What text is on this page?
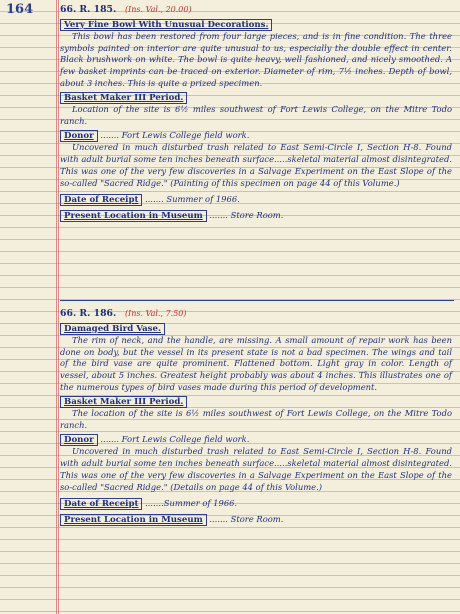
164	66. R. 185. (Ins. Val., 20.00)
Very Fine Bowl With Unusual Decorations.

This bowl has been restored from four large pieces, and is in fine condition. The three symbols painted on interior are quite unusual to us, especially the double effect in center. Black brushwork on white. The bowl is quite heavy, well fashioned, and nicely smoothed. A few basket imprints can be traced on exterior. Diameter of rim, 7½ inches. Depth of bowl, about 3 inches. This is quite a prized specimen.

Basket Maker III Period.

Location of the site is 6½ miles southwest of Fort Lewis College, on the Mitre Todo ranch.

Donor ....... Fort Lewis College field work.

Uncovered in much disturbed trash related to East Semi-Circle I, Section H-8. Found with adult burial some ten inches beneath surface.....skeletal material almost disintegrated. This was one of the very few discoveries in a Salvage Experiment on the East Slope of the so-called "Sacred Ridge." (Painting of this specimen on page 44 of this Volume.)

Date of Receipt ....... Summer of 1966.
Present Location in Museum ....... Store Room.
66. R. 186. (Ins. Val., 7.50)
Damaged Bird Vase.

The rim of neck, and the handle, are missing. A small amount of repair work has been done on body, but the vessel in its present state is not a bad specimen. The wings and tail of the bird vase are quite prominent. Flattened bottom. Light gray in color. Length of vessel, about 5 inches. Greatest height probably was about 4 inches. This illustrates one of the numerous types of bird vases made during this period of development.

Basket Maker III Period.

The location of the site is 6½ miles southwest of Fort Lewis College, on the Mitre Todo ranch.

Donor ....... Fort Lewis College field work.

Uncovered in much disturbed trash related to East Semi-Circle I, Section H-8. Found with adult burial some ten inches beneath surface.....skeletal material almost disintegrated. This was one of the very few discoveries in a Salvage Experiment on the East Slope of the so-called "Sacred Ridge." (Details on page 44 of this Volume.)

Date of Receipt .......Summer of 1966.
Present Location in Museum ....... Store Room.
